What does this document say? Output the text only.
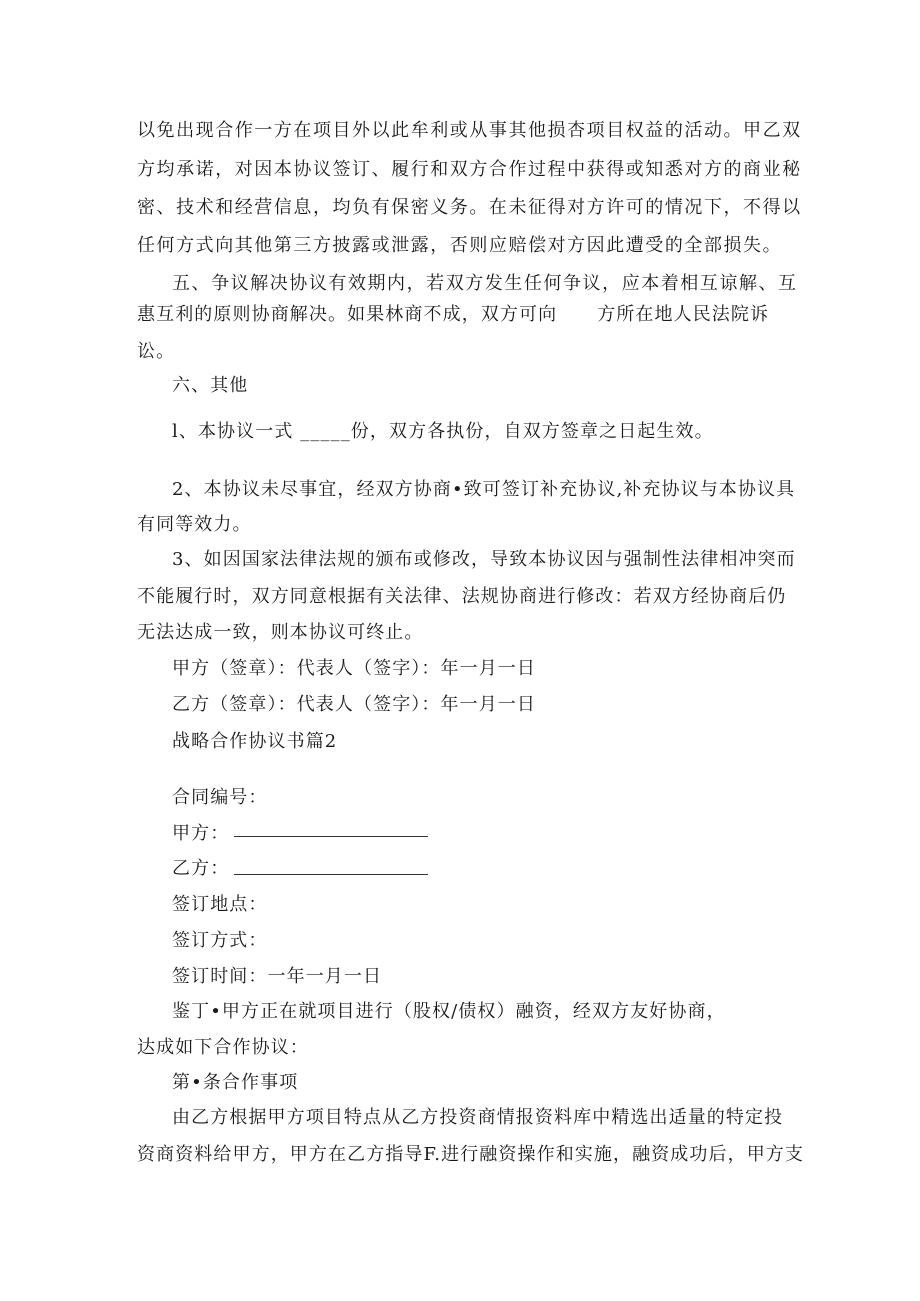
以免出现合作一方在项目外以此牟利或从事其他损杏项目权益的活动。甲乙双
方均承诺，对因本协议签订、履行和双方合作过程中获得或知悉对方的商业秘
密、技术和经营信息，均负有保密义务。在未征得对方许可的情况下，不得以
任何方式向其他第三方披露或泄露，否则应赔偿对方因此遭受的全部损失。
五、争议解决协议有效期内，若双方发生任何争议，应本着相互谅解、互
惠互利的原则协商解决。如果林商不成，双方可向 方所在地人民法院诉
讼。
六、其他
l、本协议一式 _____份，双方各执份，自双方签章之日起生效。
2、本协议未尽事宜，经双方协商•致可签订补充协议,补充协议与本协议具
有同等效力。
3、如因国家法律法规的颁布或修改，导致本协议因与强制性法律相冲突而
不能履行时，双方同意根据有关法律、法规协商进行修改：若双方经协商后仍
无法达成一致，则本协议可终止。
甲方（签章）：代表人（签字）：年一月一日
乙方（签章）：代表人（签字）：年一月一日
战略合作协议书篇2
合同编号：
甲方：
乙方：
签订地点：
签订方式：
签订时间：一年一月一日
鉴丁•甲方正在就项目进行（股权/债权）融资，经双方友好协商，
达成如下合作协议：
第•条合作事项
由乙方根据甲方项目特点从乙方投资商情报资料库中精选出适量的特定投
资商资料给甲方，甲方在乙方指导F.进行融资操作和实施，融资成功后，甲方支
